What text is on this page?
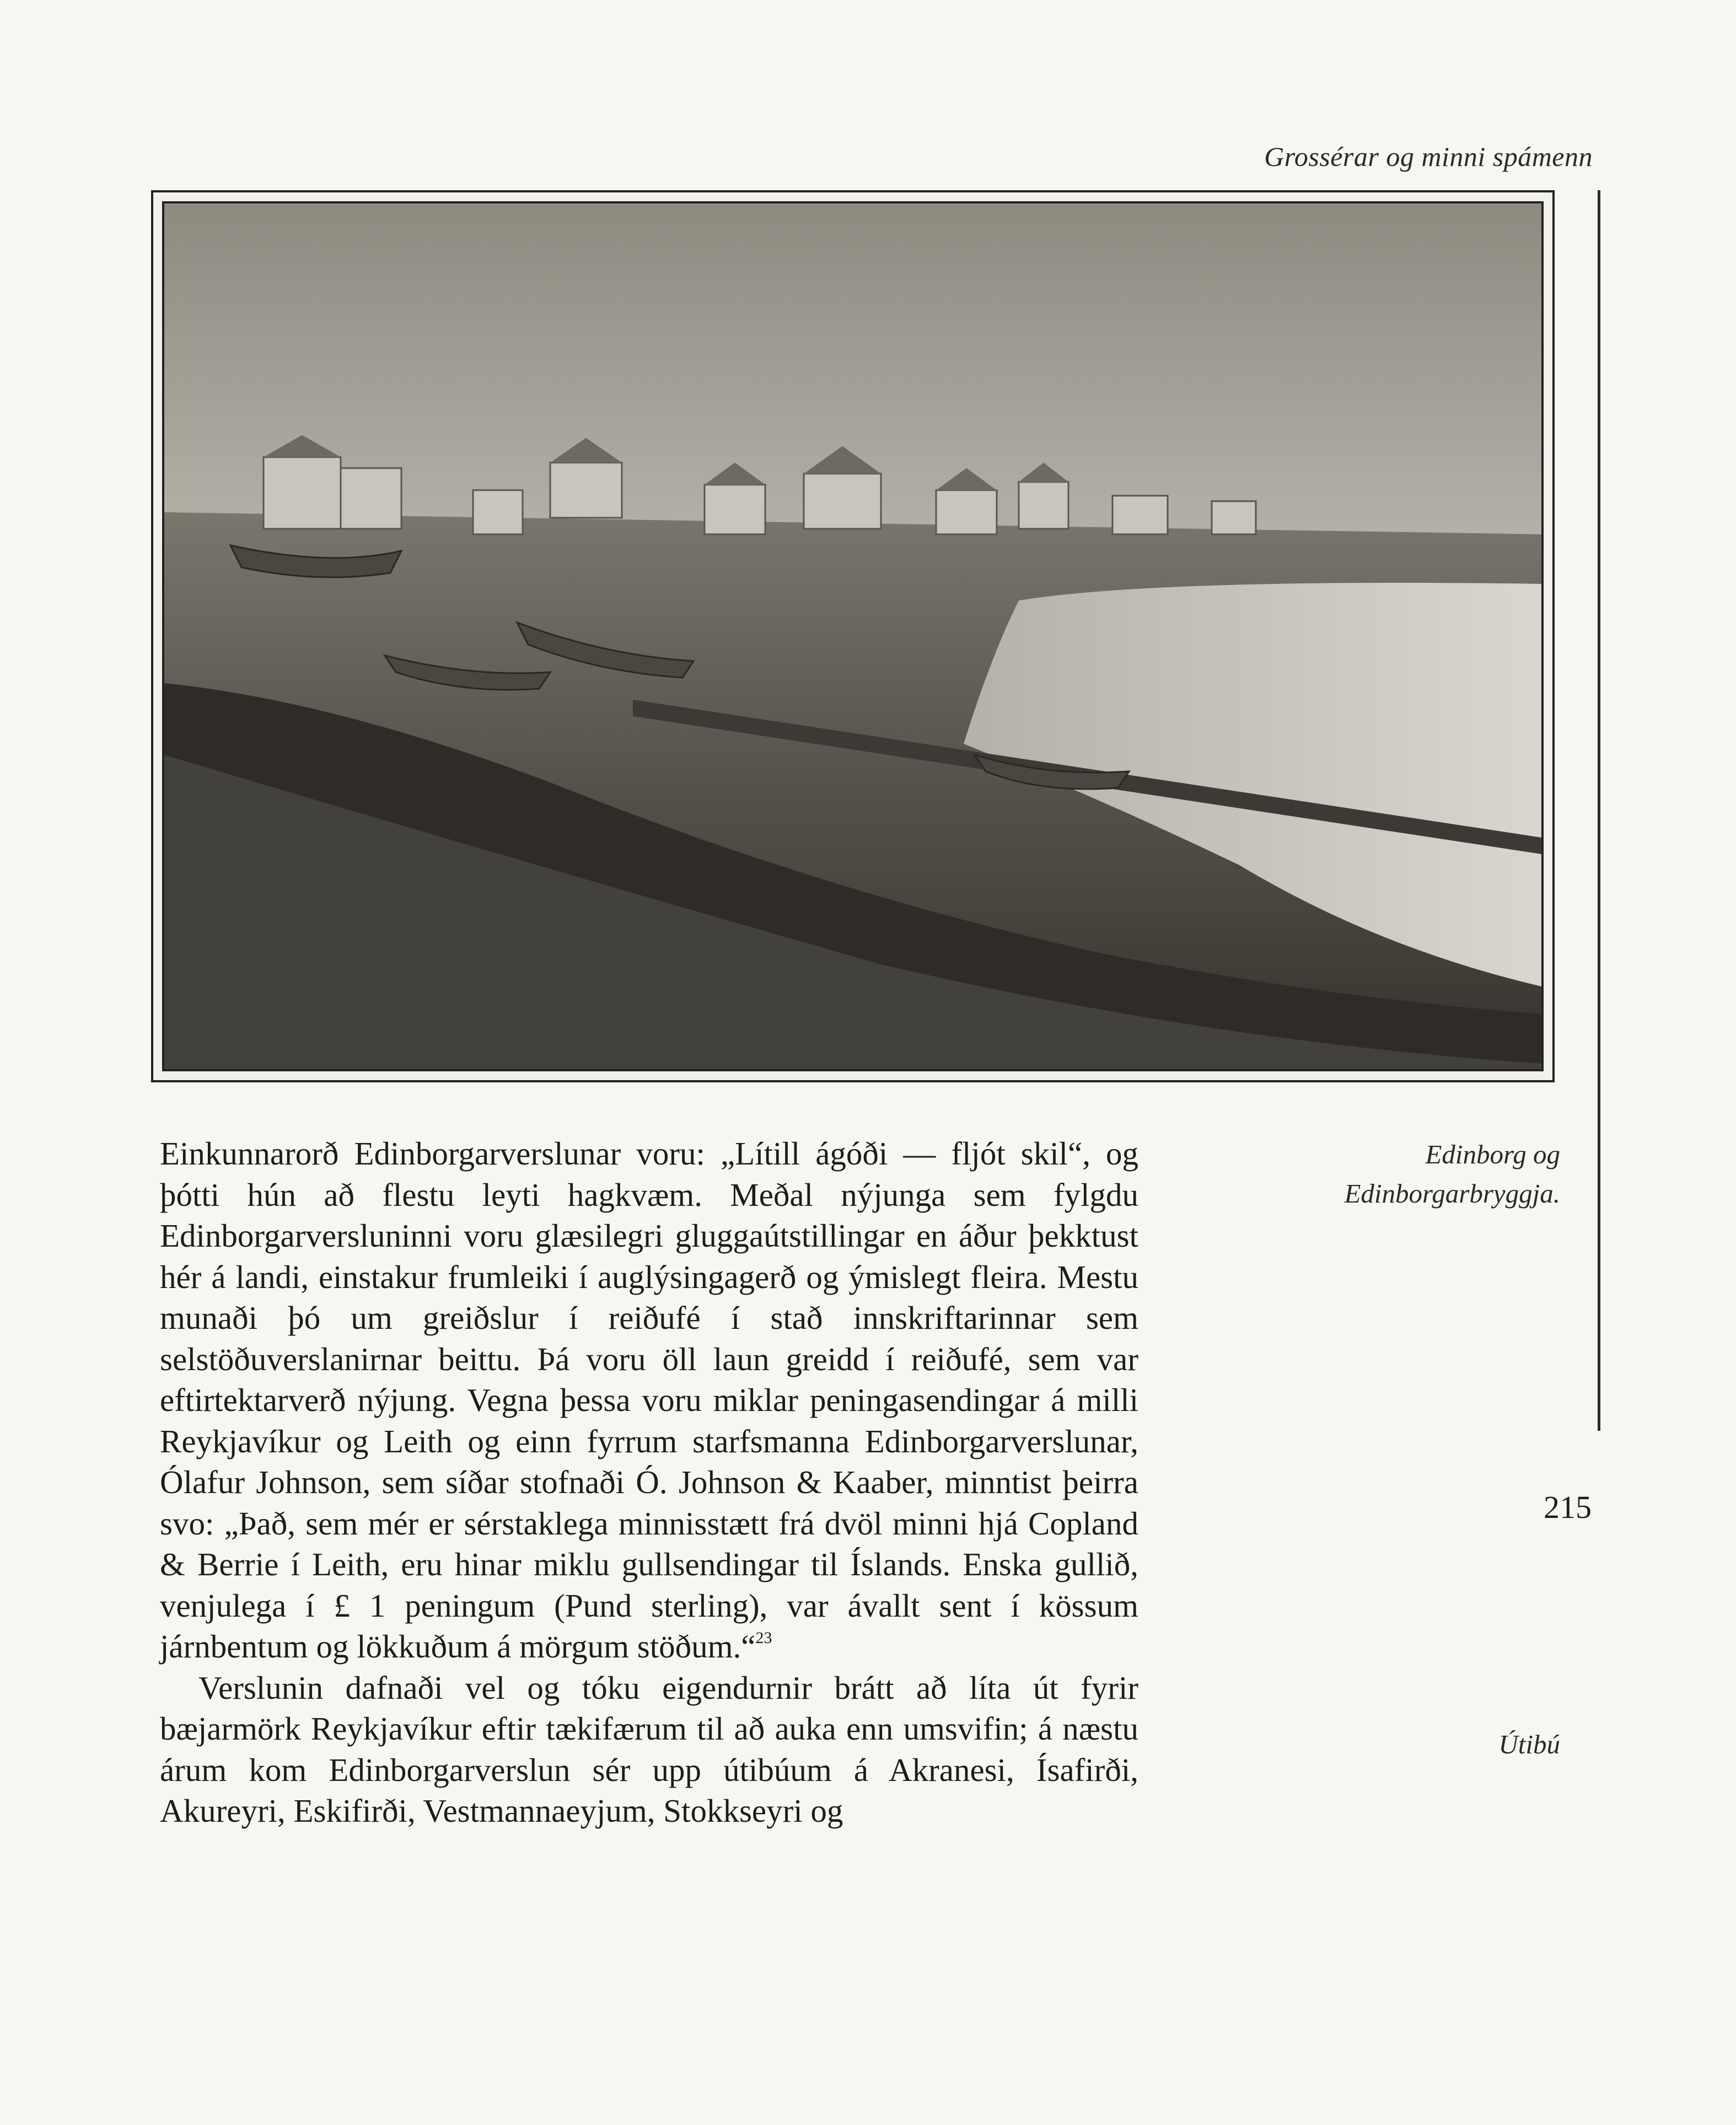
Grossérar og minni spámenn

Einkunnarorð Edinborgarverslunar voru: „Lítill ágóði — fljót skil“, og þótti hún að flestu leyti hagkvæm. Meðal nýjunga sem fylgdu Edinborgarversluninni voru glæsilegri gluggaútstillingar en áður þekktust hér á landi, einstakur frumleiki í auglýsingagerð og ýmislegt fleira. Mestu munaði þó um greiðslur í reiðufé í stað innskriftarinnar sem selstöðuverslanirnar beittu. Þá voru öll laun greidd í reiðufé, sem var eftirtektarverð nýjung. Vegna þessa voru miklar peningasendingar á milli Reykjavíkur og Leith og einn fyrrum starfsmanna Edinborgarverslunar, Ólafur Johnson, sem síðar stofnaði Ó. Johnson & Kaaber, minntist þeirra svo: „Það, sem mér er sérstaklega minnisstætt frá dvöl minni hjá Copland & Berrie í Leith, eru hinar miklu gullsendingar til Íslands. Enska gullið, venjulega í £ 1 peningum (Pund sterling), var ávallt sent í kössum járnbentum og lökkuðum á mörgum stöðum.“$^{23}$

Verslunin dafnaði vel og tóku eigendurnir brátt að líta út fyrir bæjarmörk Reykjavíkur eftir tækifærum til að auka enn umsvifin; á næstu árum kom Edinborgarverslun sér upp útibúum á Akranesi, Ísafirði, Akureyri, Eskifirði, Vestmannaeyjum, Stokkseyri og

Edinborg og Edinborgarbryggja.
Útibú
215
